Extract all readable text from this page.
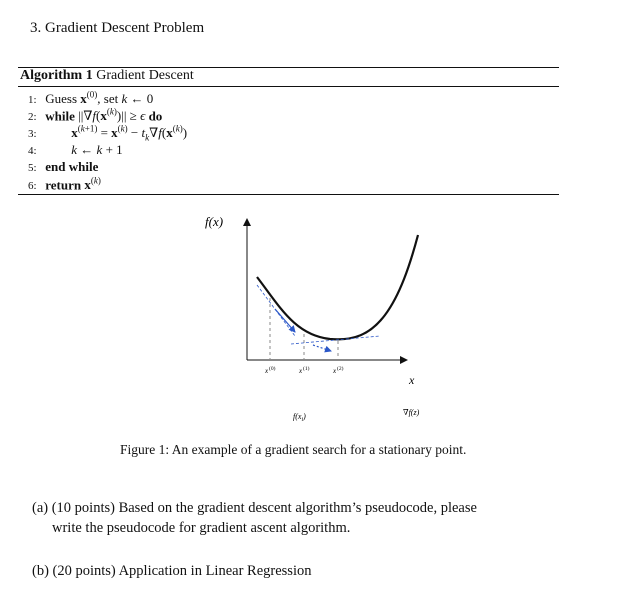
3. Gradient Descent Problem
Algorithm 1 Gradient Descent
1: Guess $x^{(0)}$, set k ← 0
2: while $||\nabla f(x^{(k)})|| \ge \epsilon$ do
3:	$x^{(k+1)} = x^{(k)} - t_k\nabla f(x^{(k)})$
4:	k ← k + 1
5: end while
6: return $x^{(k)}$
f(x)
x (0)	x (1)	x (2)
x
$f(x_i)$	∇f(z)
Figure 1: An example of a gradient search for a stationary point.
(a) (10 points) Based on the gradient descent algorithm’s pseudocode, please
write the pseudocode for gradient ascent algorithm.
(b) (20 points) Application in Linear Regression
